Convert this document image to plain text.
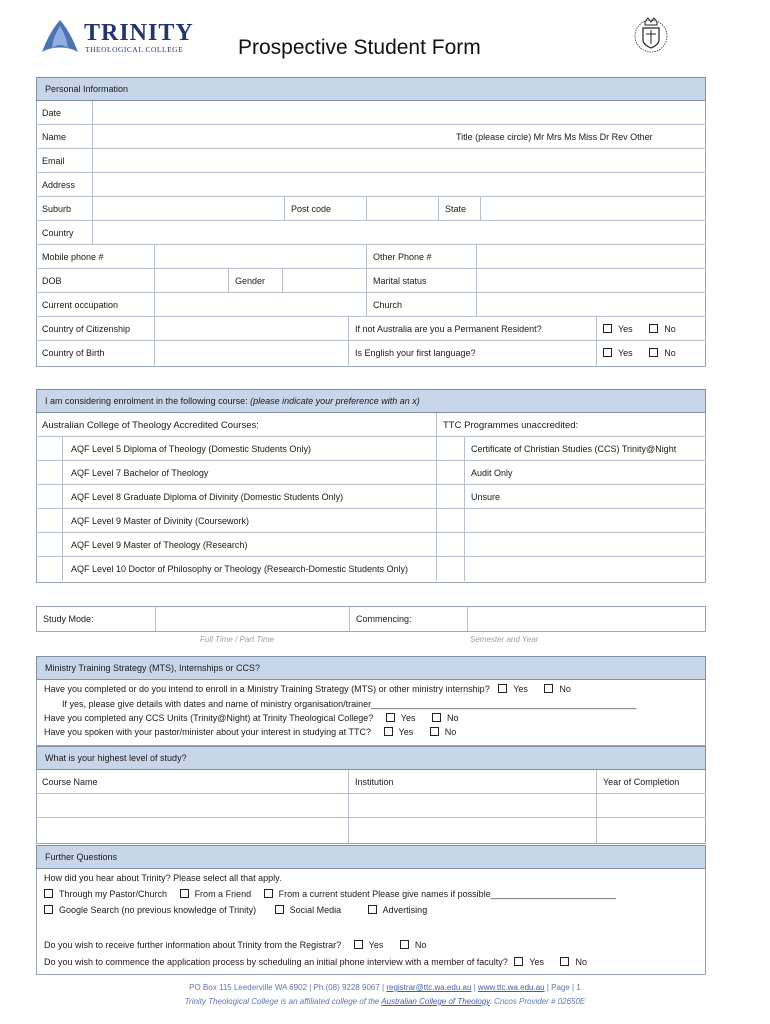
TRINITY
THEOLOGICAL COLLEGE	Prospective Student Form
Personal Information
Date
Name	Title (please circle) Mr Mrs Ms Miss Dr Rev Other
Email
Address
Suburb	Post code	State
Country
Mobile phone #	Other Phone #
DOB	Gender	Marital status
Current occupation	Church
Country of Citizenship	If not Australia are you a Permanent Resident?	Yes	No
Country of Birth	Is English your first language?	Yes	No
I am considering enrolment in the following course: (please indicate your preference with an x)
Australian College of Theology Accredited Courses:	TTC Programmes unaccredited:
AQF Level 5 Diploma of Theology (Domestic Students Only)	Certificate of Christian Studies (CCS) Trinity@Night
AQF Level 7 Bachelor of Theology	Audit Only
AQF Level 8 Graduate Diploma of Divinity (Domestic Students Only)	Unsure
AQF Level 9 Master of Divinity (Coursework)
AQF Level 9 Master of Theology (Research)
AQF Level 10 Doctor of Philosophy or Theology (Research-Domestic Students Only)
Study Mode:	Commencing:
Full Time / Part Time	Semester and Year
Ministry Training Strategy (MTS), Internships or CCS?
Have you completed or do you intend to enroll in a Ministry Training Strategy (MTS) or other ministry internship?	Yes	No
If yes, please give details with dates and name of ministry organisation/trainer_____________________________________________________
Have you completed any CCS Units (Trinity@Night) at Trinity Theological College?	Yes	No
Have you spoken with your pastor/minister about your interest in studying at TTC?	Yes	No
What is your highest level of study?
Course Name	Institution	Year of Completion
Further Questions
How did you hear about Trinity? Please select all that apply.
Through my Pastor/Church	From a Friend	From a current student Please give names if possible_________________________
Google Search (no previous knowledge of Trinity)	Social Media	Advertising
Do you wish to receive further information about Trinity from the Registrar?	Yes	No
Do you wish to commence the application process by scheduling an initial phone interview with a member of faculty? Yes	No
PO Box 115 Leederville WA 6902 | Ph.(08) 9228 9067 | registrar@ttc.wa.edu.au | www.ttc.wa.edu.au | Page | 1
Trinity Theological College is an affiliated college of the Australian College of Theology. Cricos Provider # 02650E
